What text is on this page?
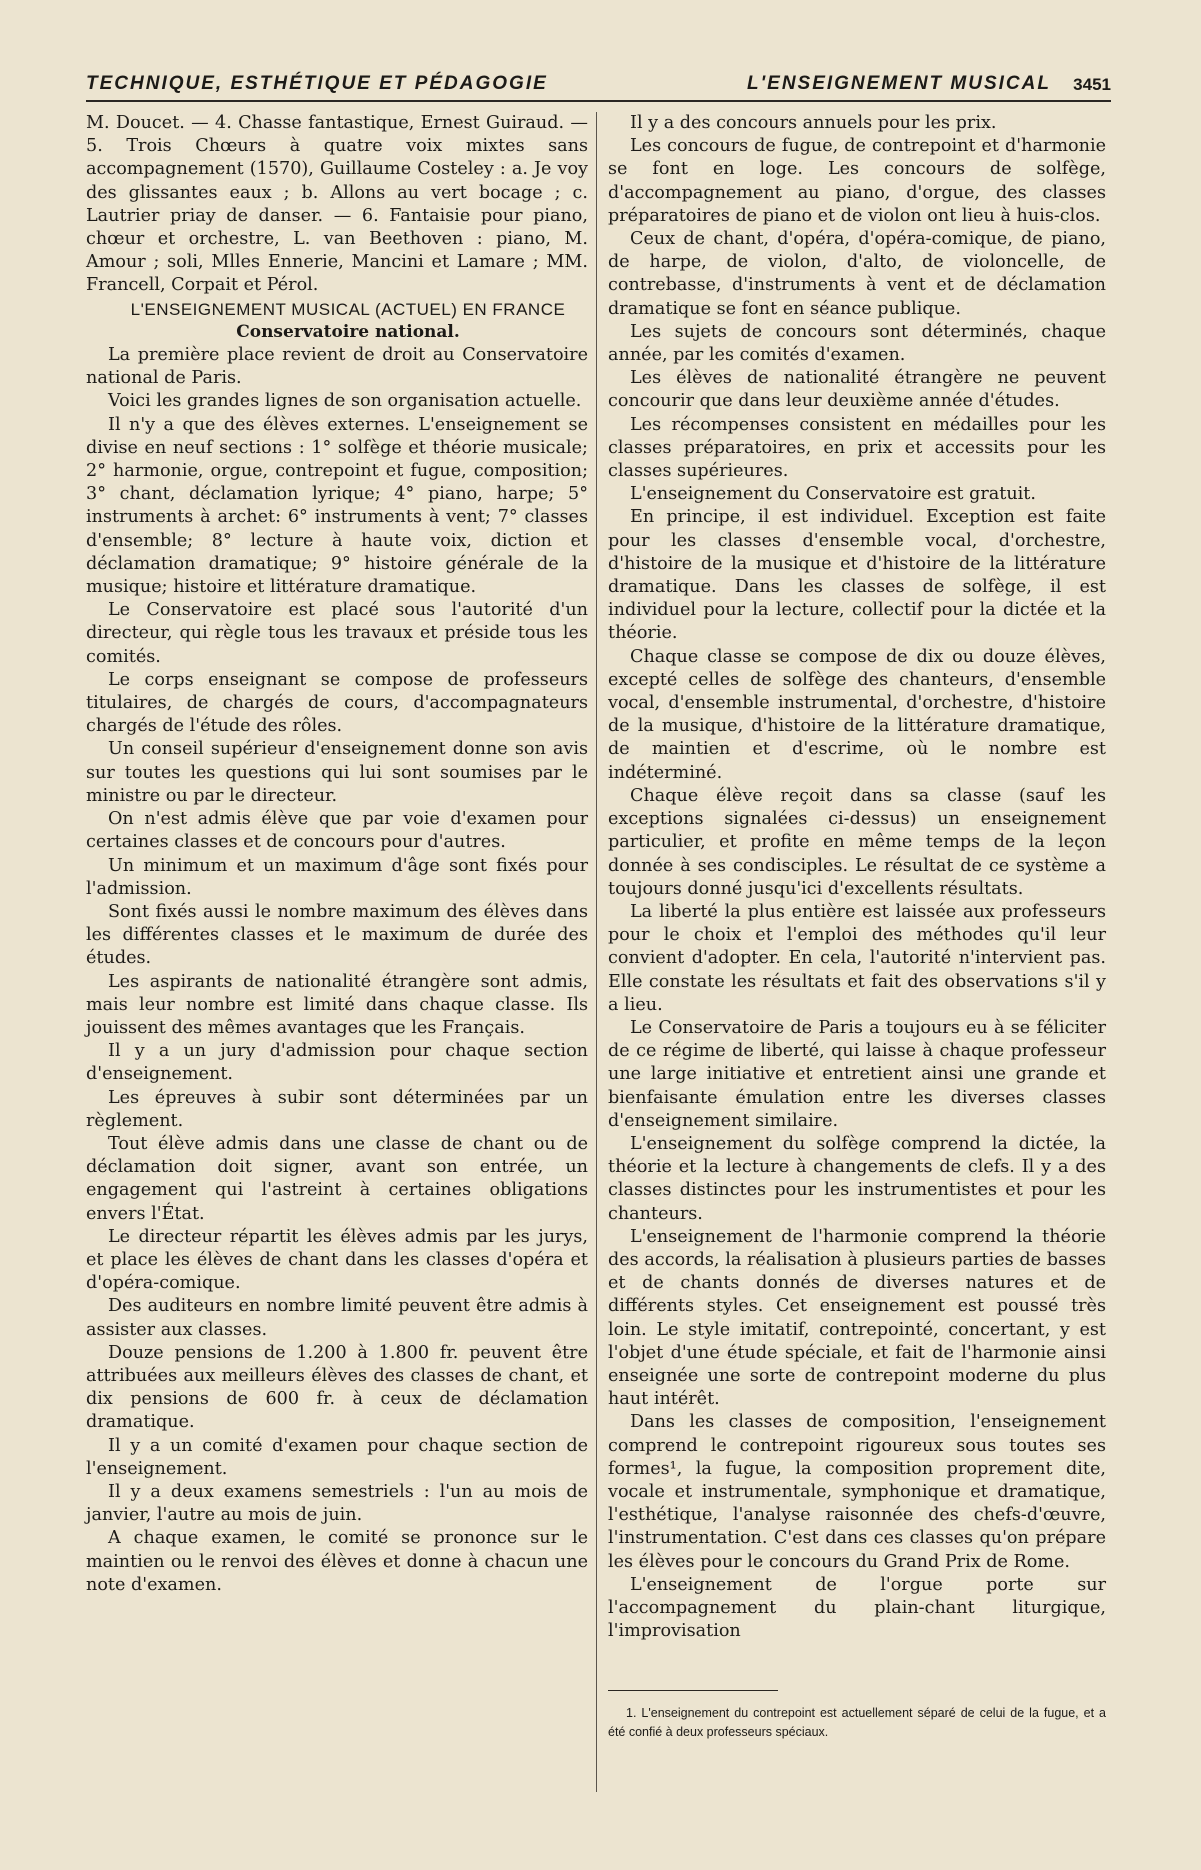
TECHNIQUE, ESTHÉTIQUE ET PÉDAGOGIE	L'ENSEIGNEMENT MUSICAL 3451

M. Doucet. — 4. Chasse fantastique, Ernest Guiraud. — 5. Trois Chœurs à quatre voix mixtes sans accompagnement (1570), Guillaume Costeley : a. Je voy des glissantes eaux ; b. Allons au vert bocage ; c. Lautrier priay de danser. — 6. Fantaisie pour piano, chœur et orchestre, L. van Beethoven : piano, M. Amour ; soli, Mlles Ennerie, Mancini et Lamare ; MM. Francell, Corpait et Pérol.

L'ENSEIGNEMENT MUSICAL (ACTUEL) EN FRANCE

Conservatoire national.

La première place revient de droit au Conservatoire national de Paris.

Voici les grandes lignes de son organisation actuelle.

Il n'y a que des élèves externes. L'enseignement se divise en neuf sections : 1° solfège et théorie musicale; 2° harmonie, orgue, contrepoint et fugue, composition; 3° chant, déclamation lyrique; 4° piano, harpe; 5° instruments à archet: 6° instruments à vent; 7° classes d'ensemble; 8° lecture à haute voix, diction et déclamation dramatique; 9° histoire générale de la musique; histoire et littérature dramatique.

Le Conservatoire est placé sous l'autorité d'un directeur, qui règle tous les travaux et préside tous les comités.

Le corps enseignant se compose de professeurs titulaires, de chargés de cours, d'accompagnateurs chargés de l'étude des rôles.

Un conseil supérieur d'enseignement donne son avis sur toutes les questions qui lui sont soumises par le ministre ou par le directeur.

On n'est admis élève que par voie d'examen pour certaines classes et de concours pour d'autres.

Un minimum et un maximum d'âge sont fixés pour l'admission.

Sont fixés aussi le nombre maximum des élèves dans les différentes classes et le maximum de durée des études.

Les aspirants de nationalité étrangère sont admis, mais leur nombre est limité dans chaque classe. Ils jouissent des mêmes avantages que les Français.

Il y a un jury d'admission pour chaque section d'enseignement.

Les épreuves à subir sont déterminées par un règlement.

Tout élève admis dans une classe de chant ou de déclamation doit signer, avant son entrée, un engagement qui l'astreint à certaines obligations envers l'État.

Le directeur répartit les élèves admis par les jurys, et place les élèves de chant dans les classes d'opéra et d'opéra-comique.

Des auditeurs en nombre limité peuvent être admis à assister aux classes.

Douze pensions de 1.200 à 1.800 fr. peuvent être attribuées aux meilleurs élèves des classes de chant, et dix pensions de 600 fr. à ceux de déclamation dramatique.

Il y a un comité d'examen pour chaque section de l'enseignement.

Il y a deux examens semestriels : l'un au mois de janvier, l'autre au mois de juin.

A chaque examen, le comité se prononce sur le maintien ou le renvoi des élèves et donne à chacun une note d'examen.

Il y a des concours annuels pour les prix.

Les concours de fugue, de contrepoint et d'harmonie se font en loge. Les concours de solfège, d'accompagnement au piano, d'orgue, des classes préparatoires de piano et de violon ont lieu à huis-clos.

Ceux de chant, d'opéra, d'opéra-comique, de piano, de harpe, de violon, d'alto, de violoncelle, de contrebasse, d'instruments à vent et de déclamation dramatique se font en séance publique.

Les sujets de concours sont déterminés, chaque année, par les comités d'examen.

Les élèves de nationalité étrangère ne peuvent concourir que dans leur deuxième année d'études.

Les récompenses consistent en médailles pour les classes préparatoires, en prix et accessits pour les classes supérieures.

L'enseignement du Conservatoire est gratuit.

En principe, il est individuel. Exception est faite pour les classes d'ensemble vocal, d'orchestre, d'histoire de la musique et d'histoire de la littérature dramatique. Dans les classes de solfège, il est individuel pour la lecture, collectif pour la dictée et la théorie.

Chaque classe se compose de dix ou douze élèves, excepté celles de solfège des chanteurs, d'ensemble vocal, d'ensemble instrumental, d'orchestre, d'histoire de la musique, d'histoire de la littérature dramatique, de maintien et d'escrime, où le nombre est indéterminé.

Chaque élève reçoit dans sa classe (sauf les exceptions signalées ci-dessus) un enseignement particulier, et profite en même temps de la leçon donnée à ses condisciples. Le résultat de ce système a toujours donné jusqu'ici d'excellents résultats.

La liberté la plus entière est laissée aux professeurs pour le choix et l'emploi des méthodes qu'il leur convient d'adopter. En cela, l'autorité n'intervient pas. Elle constate les résultats et fait des observations s'il y a lieu.

Le Conservatoire de Paris a toujours eu à se féliciter de ce régime de liberté, qui laisse à chaque professeur une large initiative et entretient ainsi une grande et bienfaisante émulation entre les diverses classes d'enseignement similaire.

L'enseignement du solfège comprend la dictée, la théorie et la lecture à changements de clefs. Il y a des classes distinctes pour les instrumentistes et pour les chanteurs.

L'enseignement de l'harmonie comprend la théorie des accords, la réalisation à plusieurs parties de basses et de chants donnés de diverses natures et de différents styles. Cet enseignement est poussé très loin. Le style imitatif, contrepointé, concertant, y est l'objet d'une étude spéciale, et fait de l'harmonie ainsi enseignée une sorte de contrepoint moderne du plus haut intérêt.

Dans les classes de composition, l'enseignement comprend le contrepoint rigoureux sous toutes ses formes¹, la fugue, la composition proprement dite, vocale et instrumentale, symphonique et dramatique, l'esthétique, l'analyse raisonnée des chefs-d'œuvre, l'instrumentation. C'est dans ces classes qu'on prépare les élèves pour le concours du Grand Prix de Rome.

L'enseignement de l'orgue porte sur l'accompagnement du plain-chant liturgique, l'improvisation

1. L'enseignement du contrepoint est actuellement séparé de celui de la fugue, et a été confié à deux professeurs spéciaux.
